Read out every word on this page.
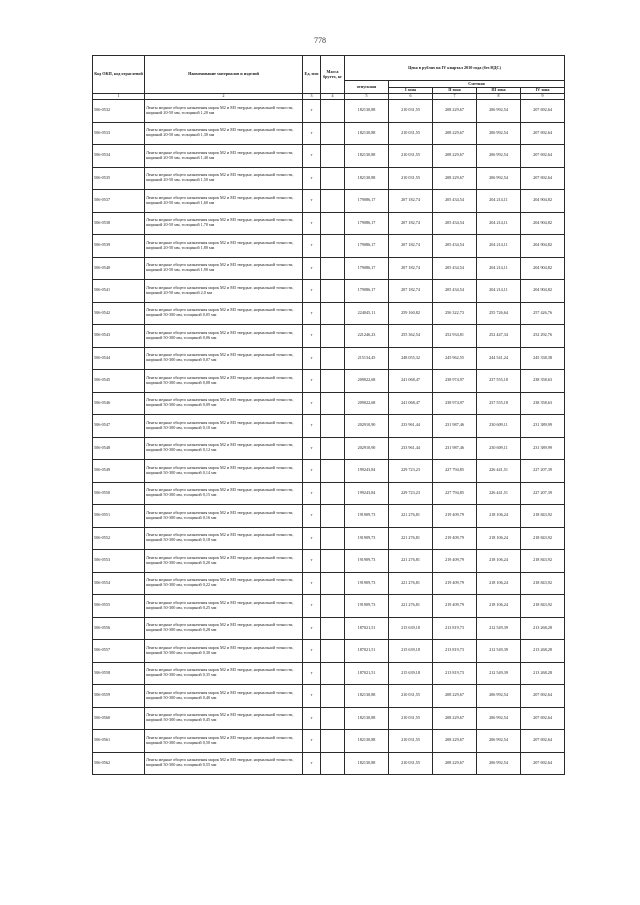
778
Код ОКП, код отраслевой	Наименование материалов и изделий	Ед. изм	Масса брутто, кг	Цена в рублях на IV квартал 2010 года (без НДС)				
				отпускная	Сметная			
					I зона	II зона	III зона	IV зона
1	2	3	4	5	6	7	8	9
506-0532	Ленты медные общего назначения марок М2 и М3 твердые, нормальной точности, шириной 20-50 мм, толщиной 1,20 мм	т		182130,88	210 031,55	208 229,67	206 992,54	207 692,64
506-0533	Ленты медные общего назначения марок М2 и М3 твердые, нормальной точности, шириной 20-50 мм, толщиной 1,30 мм	т		182130,88	210 031,55	208 229,67	206 992,54	207 692,64
506-0534	Ленты медные общего назначения марок М2 и М3 твердые, нормальной точности, шириной 20-50 мм, толщиной 1,40 мм	т		182130,88	210 031,55	208 229,67	206 992,54	207 692,64
506-0535	Ленты медные общего назначения марок М2 и М3 твердые, нормальной точности, шириной 20-50 мм, толщиной 1,50 мм	т		182130,88	210 031,55	208 229,67	206 992,54	207 692,64
506-0537	Ленты медные общего назначения марок М2 и М3 твердые, нормальной точности, шириной 20-50 мм, толщиной 1,60 мм	т		179086,17	207 182,74	205 434,54	204 214,11	204 904,82
506-0538	Ленты медные общего назначения марок М2 и М3 твердые, нормальной точности, шириной 20-50 мм, толщиной 1,70 мм	т		179086,17	207 182,74	205 434,54	204 214,11	204 904,82
506-0539	Ленты медные общего назначения марок М2 и М3 твердые, нормальной точности, шириной 20-50 мм, толщиной 1,80 мм	т		179086,17	207 182,74	205 434,54	204 214,11	204 904,82
506-0540	Ленты медные общего назначения марок М2 и М3 твердые, нормальной точности, шириной 20-50 мм, толщиной 1,90 мм	т		179086,17	207 182,74	205 434,54	204 214,11	204 904,82
506-0541	Ленты медные общего назначения марок М2 и М3 твердые, нормальной точности, шириной 20-50 мм, толщиной 2,0 мм	т		179086,17	207 182,74	205 434,54	204 214,11	204 904,82
506-0542	Ленты медные общего назначения марок М2 и М3 твердые, нормальной точности, шириной 50-300 мм, толщиной 0,05 мм	т		224045,11	259 160,82	256 322,73	255 726,64	257 426,76
506-0543	Ленты медные общего назначения марок М2 и М3 твердые, нормальной точности, шириной 50-300 мм, толщиной 0,06 мм	т		221246,23	255 362,54	252 934,81	252 447,34	252 292,76
506-0544	Ленты медные общего назначения марок М2 и М3 твердые, нормальной точности, шириной 50-300 мм, толщиной 0,07 мм	т		215134,45	248 055,32	245 962,55	244 541,24	245 338,38
506-0545	Ленты медные общего назначения марок М2 и М3 твердые, нормальной точности, шириной 50-300 мм, толщиной 0,08 мм	т		209022,68	241 068,47	238 974,97	237 555,18	238 358,63
506-0546	Ленты медные общего назначения марок М2 и М3 твердые, нормальной точности, шириной 50-300 мм, толщиной 0,09 мм	т		209022,68	241 068,47	238 974,97	237 555,18	238 358,63
506-0547	Ленты медные общего назначения марок М2 и М3 твердые, нормальной точности, шириной 50-300 мм, толщиной 0,10 мм	т		202910,90	233 961,44	231 987,46	230 609,11	231 389,99
506-0548	Ленты медные общего назначения марок М2 и М3 твердые, нормальной точности, шириной 50-300 мм, толщиной 0,12 мм	т		202910,90	233 961,44	231 987,46	230 609,11	231 389,99
506-0549	Ленты медные общего назначения марок М2 и М3 твердые, нормальной точности, шириной 50-300 мм, толщиной 0,14 мм	т		199243,84	229 723,23	227 794,85	226 441,51	227 207,39
506-0550	Ленты медные общего назначения марок М2 и М3 твердые, нормальной точности, шириной 50-300 мм, толщиной 0,15 мм	т		199243,84	229 723,23	227 794,85	226 441,51	227 207,39
506-0551	Ленты медные общего назначения марок М2 и М3 твердые, нормальной точности, шириной 50-300 мм, толщиной 0,16 мм	т		191909,73	221 276,81	219 409,79	218 106,24	218 843,92
506-0552	Ленты медные общего назначения марок М2 и М3 твердые, нормальной точности, шириной 50-300 мм, толщиной 0,18 мм	т		191909,73	221 276,81	219 409,79	218 106,24	218 843,92
506-0553	Ленты медные общего назначения марок М2 и М3 твердые, нормальной точности, шириной 50-300 мм, толщиной 0,20 мм	т		191909,73	221 276,81	219 409,79	218 106,24	218 843,92
506-0554	Ленты медные общего назначения марок М2 и М3 твердые, нормальной точности, шириной 50-300 мм, толщиной 0,22 мм	т		191909,73	221 276,81	219 409,79	218 106,24	218 843,92
506-0555	Ленты медные общего назначения марок М2 и М3 твердые, нормальной точности, шириной 50-300 мм, толщиной 0,25 мм	т		191909,73	221 276,81	219 409,79	218 106,24	218 843,92
506-0556	Ленты медные общего назначения марок М2 и М3 твердые, нормальной точности, шириной 50-300 мм, толщиной 0,28 мм	т		187021,51	215 639,18	213 819,73	212 549,39	213 268,28
506-0557	Ленты медные общего назначения марок М2 и М3 твердые, нормальной точности, шириной 50-300 мм, толщиной 0,30 мм	т		187021,51	215 639,18	213 819,73	212 549,39	213 268,28
506-0558	Ленты медные общего назначения марок М2 и М3 твердые, нормальной точности, шириной 50-300 мм, толщиной 0,35 мм	т		187021,51	215 639,18	213 819,73	212 549,39	213 268,28
506-0559	Ленты медные общего назначения марок М2 и М3 твердые, нормальной точности, шириной 50-300 мм, толщиной 0,40 мм	т		182130,88	210 031,55	208 229,67	206 992,54	207 692,64
506-0560	Ленты медные общего назначения марок М2 и М3 твердые, нормальной точности, шириной 50-300 мм, толщиной 0,45 мм	т		182130,88	210 031,55	208 229,67	206 992,54	207 692,64
506-0561	Ленты медные общего назначения марок М2 и М3 твердые, нормальной точности, шириной 50-300 мм, толщиной 0,50 мм	т		182130,88	210 031,55	208 229,67	206 992,54	207 692,64
506-0562	Ленты медные общего назначения марок М2 и М3 твердые, нормальной точности, шириной 50-300 мм, толщиной 0,55 мм	т		182130,88	210 031,55	208 229,67	206 992,54	207 692,64
